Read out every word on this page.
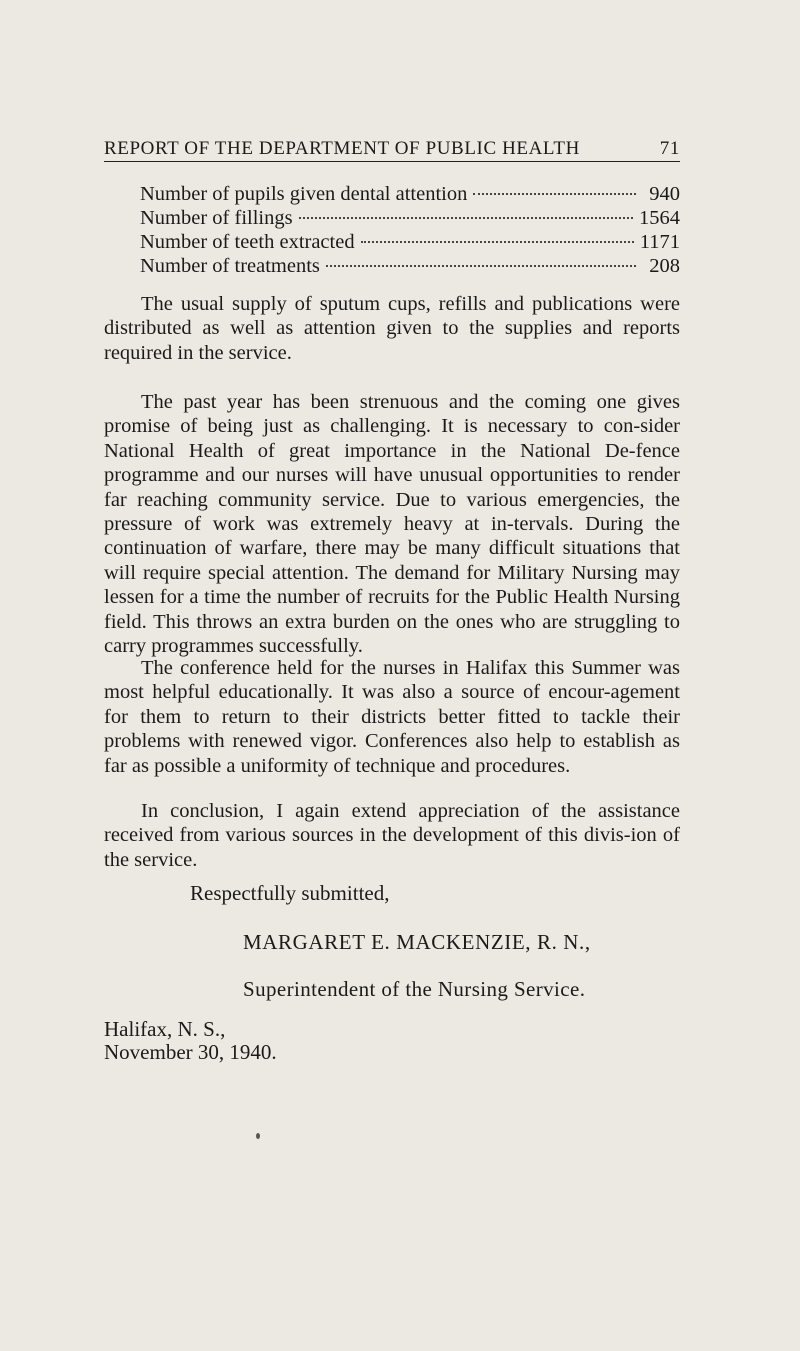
REPORT OF THE DEPARTMENT OF PUBLIC HEALTH	71
Number of pupils given dental attention	940
Number of fillings	1564
Number of teeth extracted	1171
Number of treatments	208

The usual supply of sputum cups, refills and publications were distributed as well as attention given to the supplies and reports required in the service.

The past year has been strenuous and the coming one gives promise of being just as challenging. It is necessary to con-sider National Health of great importance in the National De-fence programme and our nurses will have unusual opportunities to render far reaching community service. Due to various emergencies, the pressure of work was extremely heavy at in-tervals. During the continuation of warfare, there may be many difficult situations that will require special attention. The demand for Military Nursing may lessen for a time the number of recruits for the Public Health Nursing field. This throws an extra burden on the ones who are struggling to carry programmes successfully.

The conference held for the nurses in Halifax this Summer was most helpful educationally. It was also a source of encour-agement for them to return to their districts better fitted to tackle their problems with renewed vigor. Conferences also help to establish as far as possible a uniformity of technique and procedures.

In conclusion, I again extend appreciation of the assistance received from various sources in the development of this divis-ion of the service.

Respectfully submitted,
MARGARET E. MACKENZIE, R. N.,
Superintendent of the Nursing Service.
Halifax, N. S.,
November 30, 1940.
